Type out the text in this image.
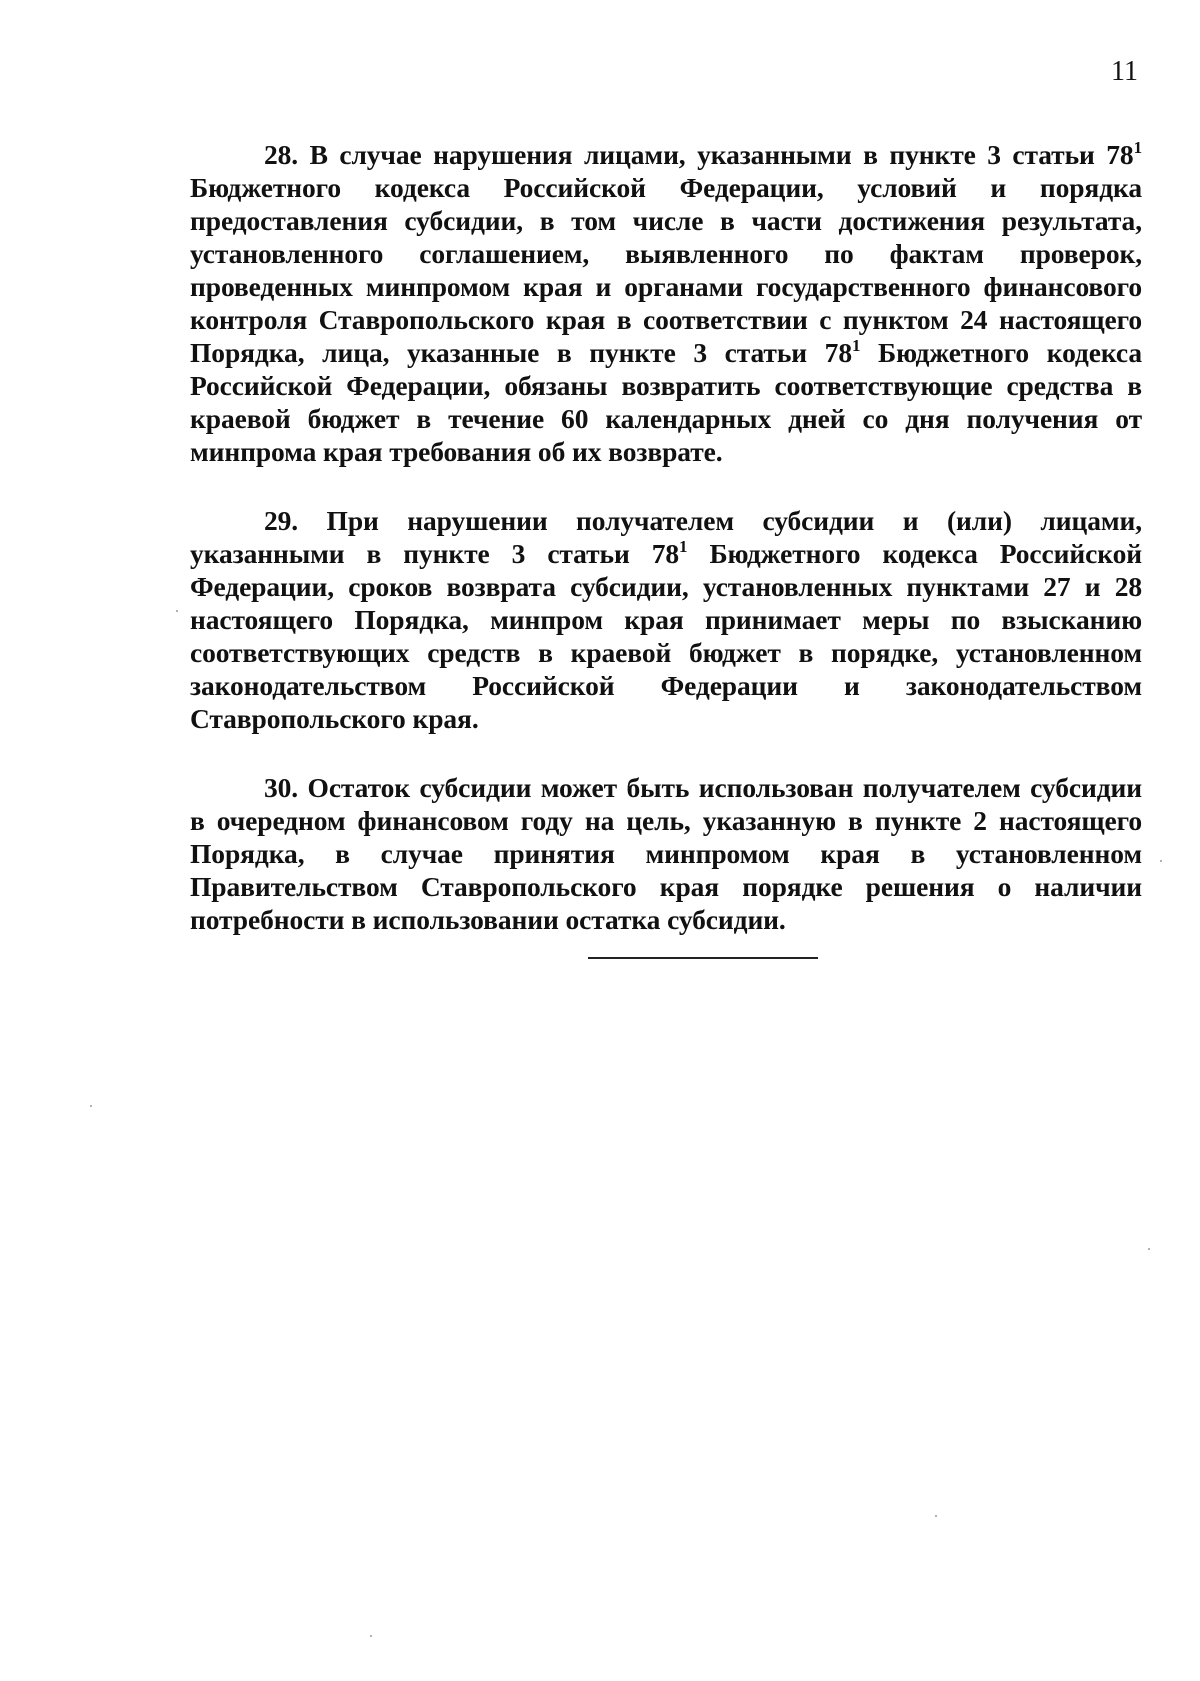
11

28. В случае нарушения лицами, указанными в пункте 3 статьи $78^1$ Бюджетного кодекса Российской Федерации, условий и порядка предоставления субсидии, в том числе в части достижения результата, установленного соглашением, выявленного по фактам проверок, проведенных минпромом края и органами государственного финансового контроля Ставропольского края в соответствии с пунктом 24 настоящего Порядка, лица, указанные в пункте 3 статьи $78^1$ Бюджетного кодекса Российской Федерации, обязаны возвратить соответствующие средства в краевой бюджет в течение 60 календарных дней со дня получения от минпрома края требования об их возврате.

29. При нарушении получателем субсидии и (или) лицами, указанными в пункте 3 статьи $78^1$ Бюджетного кодекса Российской Федерации, сроков возврата субсидии, установленных пунктами 27 и 28 настоящего Порядка, минпром края принимает меры по взысканию соответствующих средств в краевой бюджет в порядке, установленном законодательством Российской Федерации и законодательством Ставропольского края.

30. Остаток субсидии может быть использован получателем субсидии в очередном финансовом году на цель, указанную в пункте 2 настоящего Порядка, в случае принятия минпромом края в установленном Правительством Ставропольского края порядке решения о наличии потребности в использовании остатка субсидии.
